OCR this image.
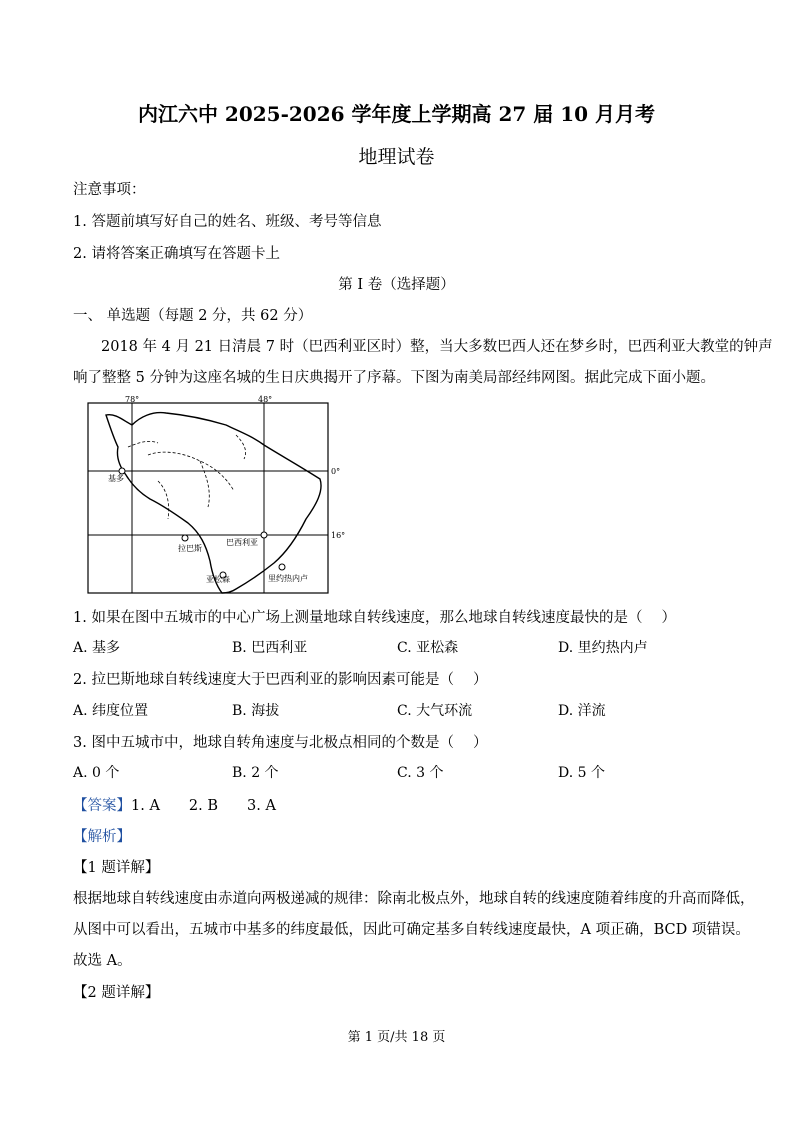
内江六中 2025-2026 学年度上学期高 27 届 10 月月考
地理试卷
注意事项：
1. 答题前填写好自己的姓名、班级、考号等信息
2. 请将答案正确填写在答题卡上
第 I 卷（选择题）
一、 单选题（每题 2 分，共 62 分）
2018 年 4 月 21 日清晨 7 时（巴西利亚区时）整，当大多数巴西人还在梦乡时，巴西利亚大教堂的钟声
响了整整 5 分钟为这座名城的生日庆典揭开了序幕。下图为南美局部经纬网图。据此完成下面小题。
78°	48°
0°
16°
基多
拉巴斯
巴西利亚
亚松森	里约热内卢
1. 如果在图中五城市的中心广场上测量地球自转线速度，那么地球自转线速度最快的是（　 ）
A. 基多	B. 巴西利亚	C. 亚松森	D. 里约热内卢
2. 拉巴斯地球自转线速度大于巴西利亚的影响因素可能是（　 ）
A. 纬度位置	B. 海拔	C. 大气环流	D. 洋流
3. 图中五城市中，地球自转角速度与北极点相同的个数是（　 ）
A. 0 个	B. 2 个	C. 3 个	D. 5 个
【答案】1. A　　2. B　　3. A
【解析】
【1 题详解】
根据地球自转线速度由赤道向两极递减的规律：除南北极点外，地球自转的线速度随着纬度的升高而降低，
从图中可以看出，五城市中基多的纬度最低，因此可确定基多自转线速度最快，A 项正确，BCD 项错误。
故选 A。
【2 题详解】
第 1 页/共 18 页
